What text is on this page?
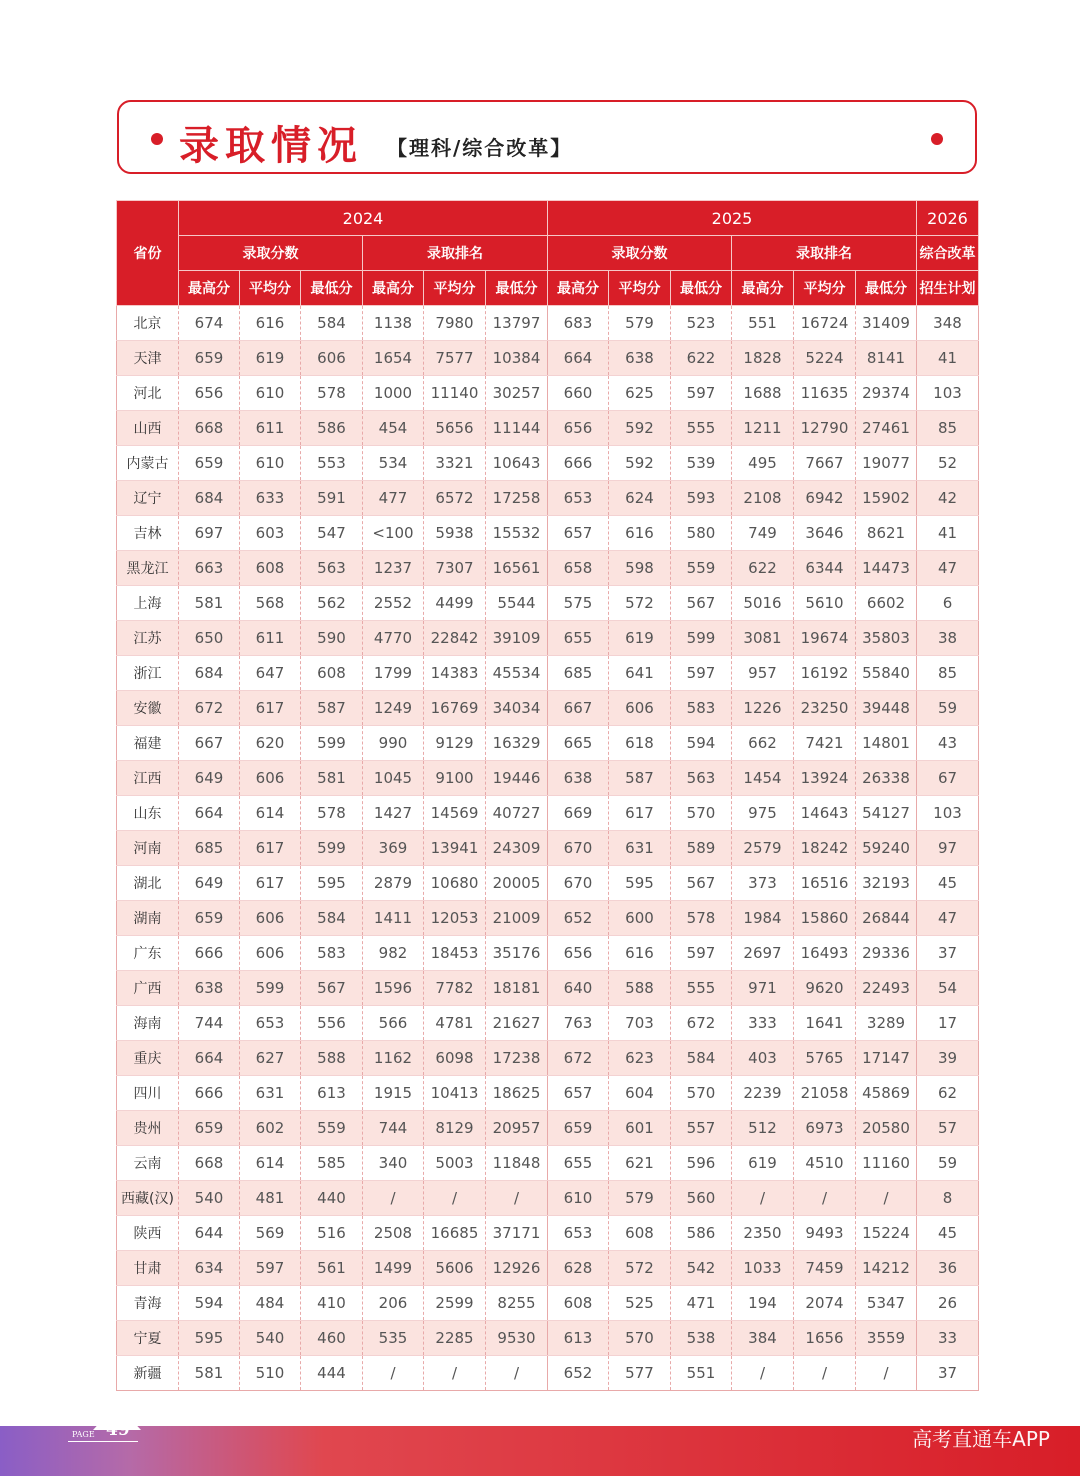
录取情况 【理科/综合改革】
省份	2024						2025						2026
	录取分数			录取排名			录取分数			录取排名			综合改革
	最高分	平均分	最低分	最高分	平均分	最低分	最高分	平均分	最低分	最高分	平均分	最低分	招生计划
北京	674	616	584	1138	7980	13797	683	579	523	551	16724	31409	348
天津	659	619	606	1654	7577	10384	664	638	622	1828	5224	8141	41
河北	656	610	578	1000	11140	30257	660	625	597	1688	11635	29374	103
山西	668	611	586	454	5656	11144	656	592	555	1211	12790	27461	85
内蒙古	659	610	553	534	3321	10643	666	592	539	495	7667	19077	52
辽宁	684	633	591	477	6572	17258	653	624	593	2108	6942	15902	42
吉林	697	603	547	<100	5938	15532	657	616	580	749	3646	8621	41
黑龙江	663	608	563	1237	7307	16561	658	598	559	622	6344	14473	47
上海	581	568	562	2552	4499	5544	575	572	567	5016	5610	6602	6
江苏	650	611	590	4770	22842	39109	655	619	599	3081	19674	35803	38
浙江	684	647	608	1799	14383	45534	685	641	597	957	16192	55840	85
安徽	672	617	587	1249	16769	34034	667	606	583	1226	23250	39448	59
福建	667	620	599	990	9129	16329	665	618	594	662	7421	14801	43
江西	649	606	581	1045	9100	19446	638	587	563	1454	13924	26338	67
山东	664	614	578	1427	14569	40727	669	617	570	975	14643	54127	103
河南	685	617	599	369	13941	24309	670	631	589	2579	18242	59240	97
湖北	649	617	595	2879	10680	20005	670	595	567	373	16516	32193	45
湖南	659	606	584	1411	12053	21009	652	600	578	1984	15860	26844	47
广东	666	606	583	982	18453	35176	656	616	597	2697	16493	29336	37
广西	638	599	567	1596	7782	18181	640	588	555	971	9620	22493	54
海南	744	653	556	566	4781	21627	763	703	672	333	1641	3289	17
重庆	664	627	588	1162	6098	17238	672	623	584	403	5765	17147	39
四川	666	631	613	1915	10413	18625	657	604	570	2239	21058	45869	62
贵州	659	602	559	744	8129	20957	659	601	557	512	6973	20580	57
云南	668	614	585	340	5003	11848	655	621	596	619	4510	11160	59
西藏(汉)	540	481	440	/	/	/	610	579	560	/	/	/	8
陕西	644	569	516	2508	16685	37171	653	608	586	2350	9493	15224	45
甘肃	634	597	561	1499	5606	12926	628	572	542	1033	7459	14212	36
青海	594	484	410	206	2599	8255	608	525	471	194	2074	5347	26
宁夏	595	540	460	535	2285	9530	613	570	538	384	1656	3559	33
新疆	581	510	444	/	/	/	652	577	551	/	/	/	37
PAGE 49	高考直通车APP
